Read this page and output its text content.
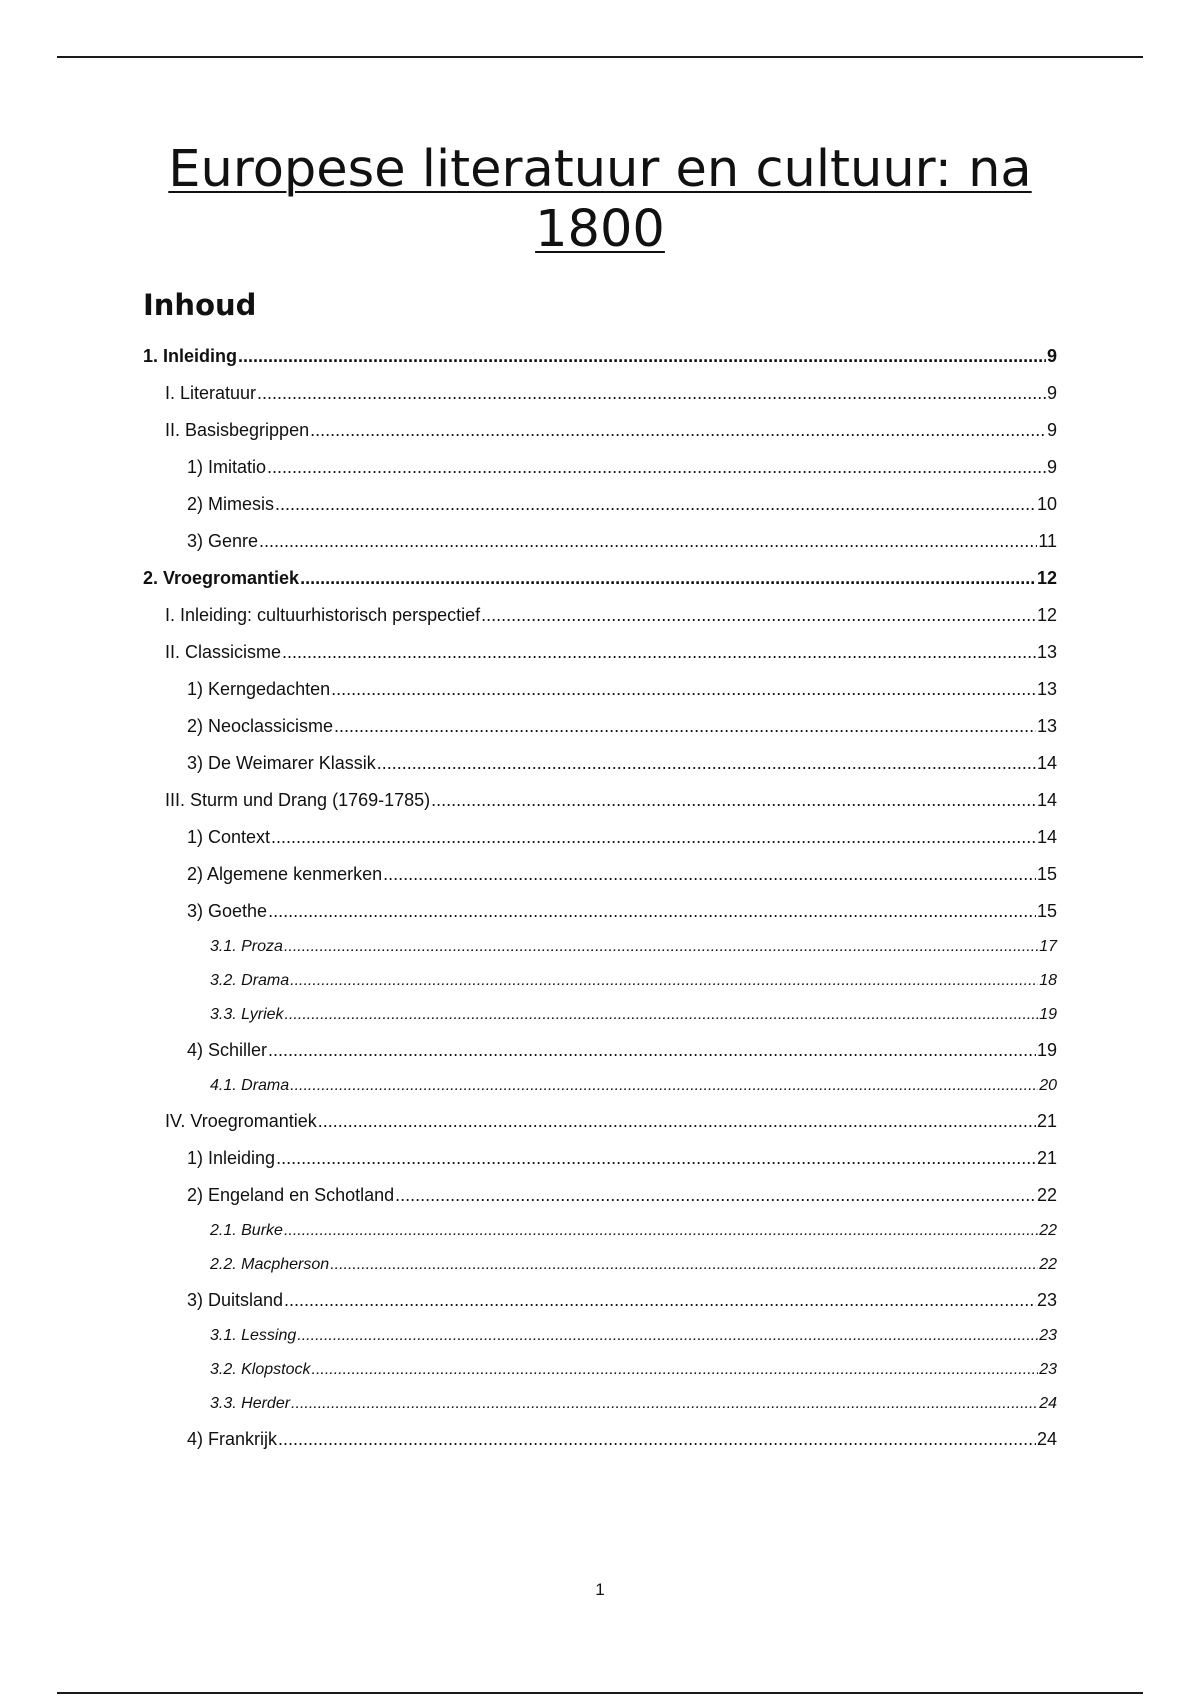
Europese literatuur en cultuur: na
1800
Inhoud
1. Inleiding .....	9
I. Literatuur .....	9
II. Basisbegrippen .....	9
1) Imitatio .....	9
2) Mimesis .....	10
3) Genre .....	11
2. Vroegromantiek .....	12
I. Inleiding: cultuurhistorisch perspectief .....	12
II. Classicisme .....	13
1) Kerngedachten .....	13
2) Neoclassicisme .....	13
3) De Weimarer Klassik .....	14
III. Sturm und Drang (1769-1785) .....	14
1) Context .....	14
2) Algemene kenmerken .....	15
3) Goethe .....	15
3.1. Proza .....	17
3.2. Drama .....	18
3.3. Lyriek .....	19
4) Schiller .....	19
4.1. Drama .....	20
IV. Vroegromantiek .....	21
1) Inleiding .....	21
2) Engeland en Schotland .....	22
2.1. Burke .....	22
2.2. Macpherson .....	22
3) Duitsland .....	23
3.1. Lessing .....	23
3.2. Klopstock .....	23
3.3. Herder .....	24
4) Frankrijk .....	24
1
